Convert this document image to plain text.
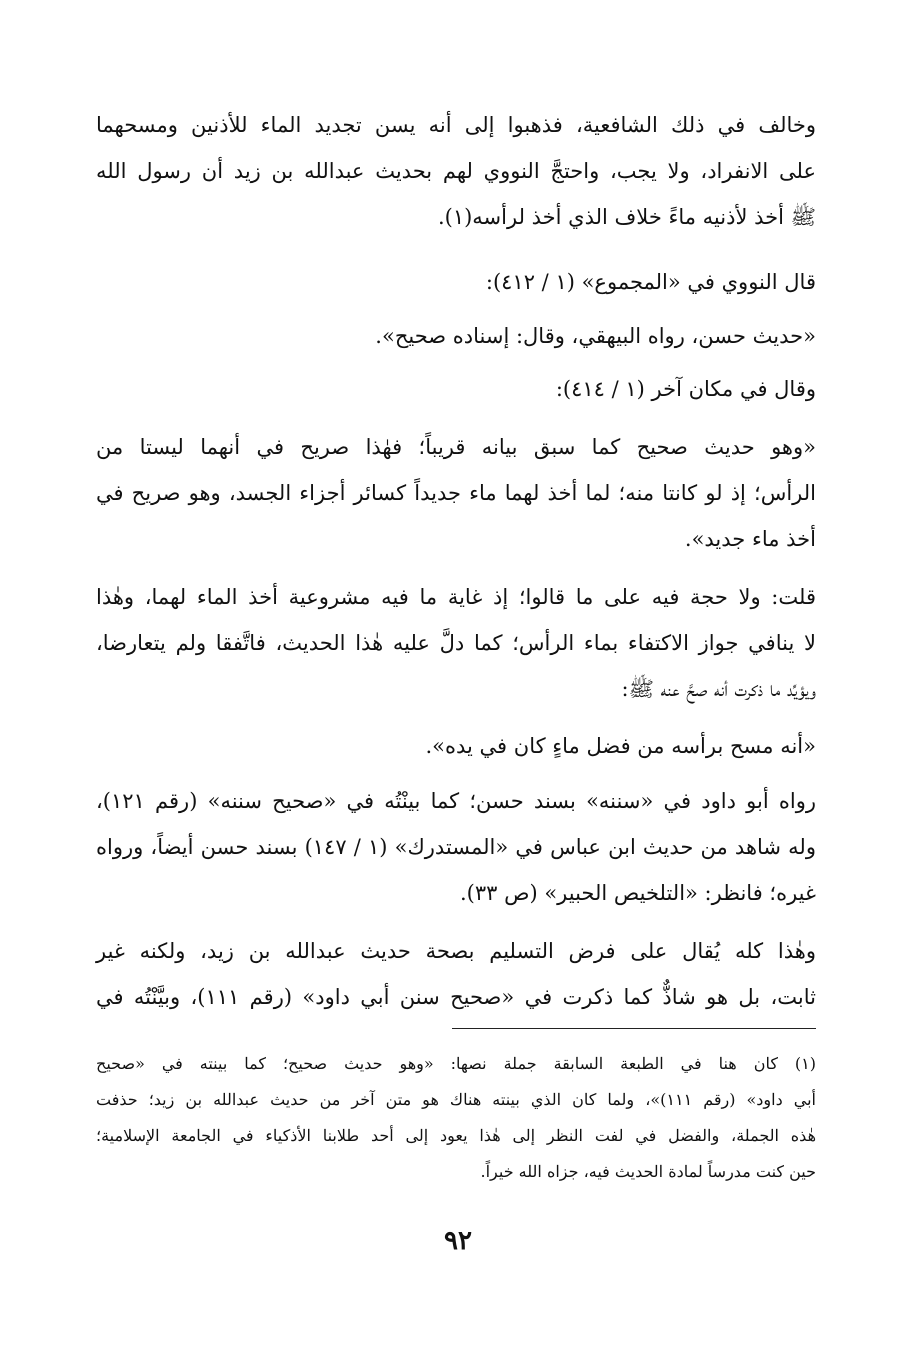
وخالف في ذلك الشافعية، فذهبوا إلى أنه يسن تجديد الماء للأذنين ومسحهما
على الانفراد، ولا يجب، واحتجَّ النووي لهم بحديث عبدالله بن زيد أن رسول الله
ﷺ أخذ لأذنيه ماءً خلاف الذي أخذ لرأسه(١).
قال النووي في «المجموع» (١ / ٤١٢):
«حديث حسن، رواه البيهقي، وقال: إسناده صحيح».
وقال في مكان آخر (١ / ٤١٤):
«وهو حديث صحيح كما سبق بيانه قريباً؛ فهٰذا صريح في أنهما ليستا من
الرأس؛ إذ لو كانتا منه؛ لما أخذ لهما ماء جديداً كسائر أجزاء الجسد، وهو صريح في
أخذ ماء جديد».
قلت: ولا حجة فيه على ما قالوا؛ إذ غاية ما فيه مشروعية أخذ الماء لهما، وهٰذا
لا ينافي جواز الاكتفاء بماء الرأس؛ كما دلَّ عليه هٰذا الحديث، فاتَّفقا ولم يتعارضا،
ويؤيِّد ما ذكرت أنه صحَّ عنه ﷺ:
«أنه مسح برأسه من فضل ماءٍ كان في يده».
رواه أبو داود في «سننه» بسند حسن؛ كما بينْتُه في «صحيح سننه» (رقم ١٢١)،
وله شاهد من حديث ابن عباس في «المستدرك» (١ / ١٤٧) بسند حسن أيضاً، ورواه
غيره؛ فانظر: «التلخيص الحبير» (ص ٣٣).
وهٰذا كله يُقال على فرض التسليم بصحة حديث عبدالله بن زيد، ولكنه غير
ثابت، بل هو شاذٌّ كما ذكرت في «صحيح سنن أبي داود» (رقم ١١١)، وبيَّنْتُه في
(١) كان هنا في الطبعة السابقة جملة نصها: «وهو حديث صحيح؛ كما بينته في «صحيح
أبي داود» (رقم ١١١)»، ولما كان الذي بينته هناك هو متن آخر من حديث عبدالله بن زيد؛ حذفت
هٰذه الجملة، والفضل في لفت النظر إلى هٰذا يعود إلى أحد طلابنا الأذكياء في الجامعة الإسلامية؛
حين كنت مدرساً لمادة الحديث فيه، جزاه الله خيراً.
٩٢
